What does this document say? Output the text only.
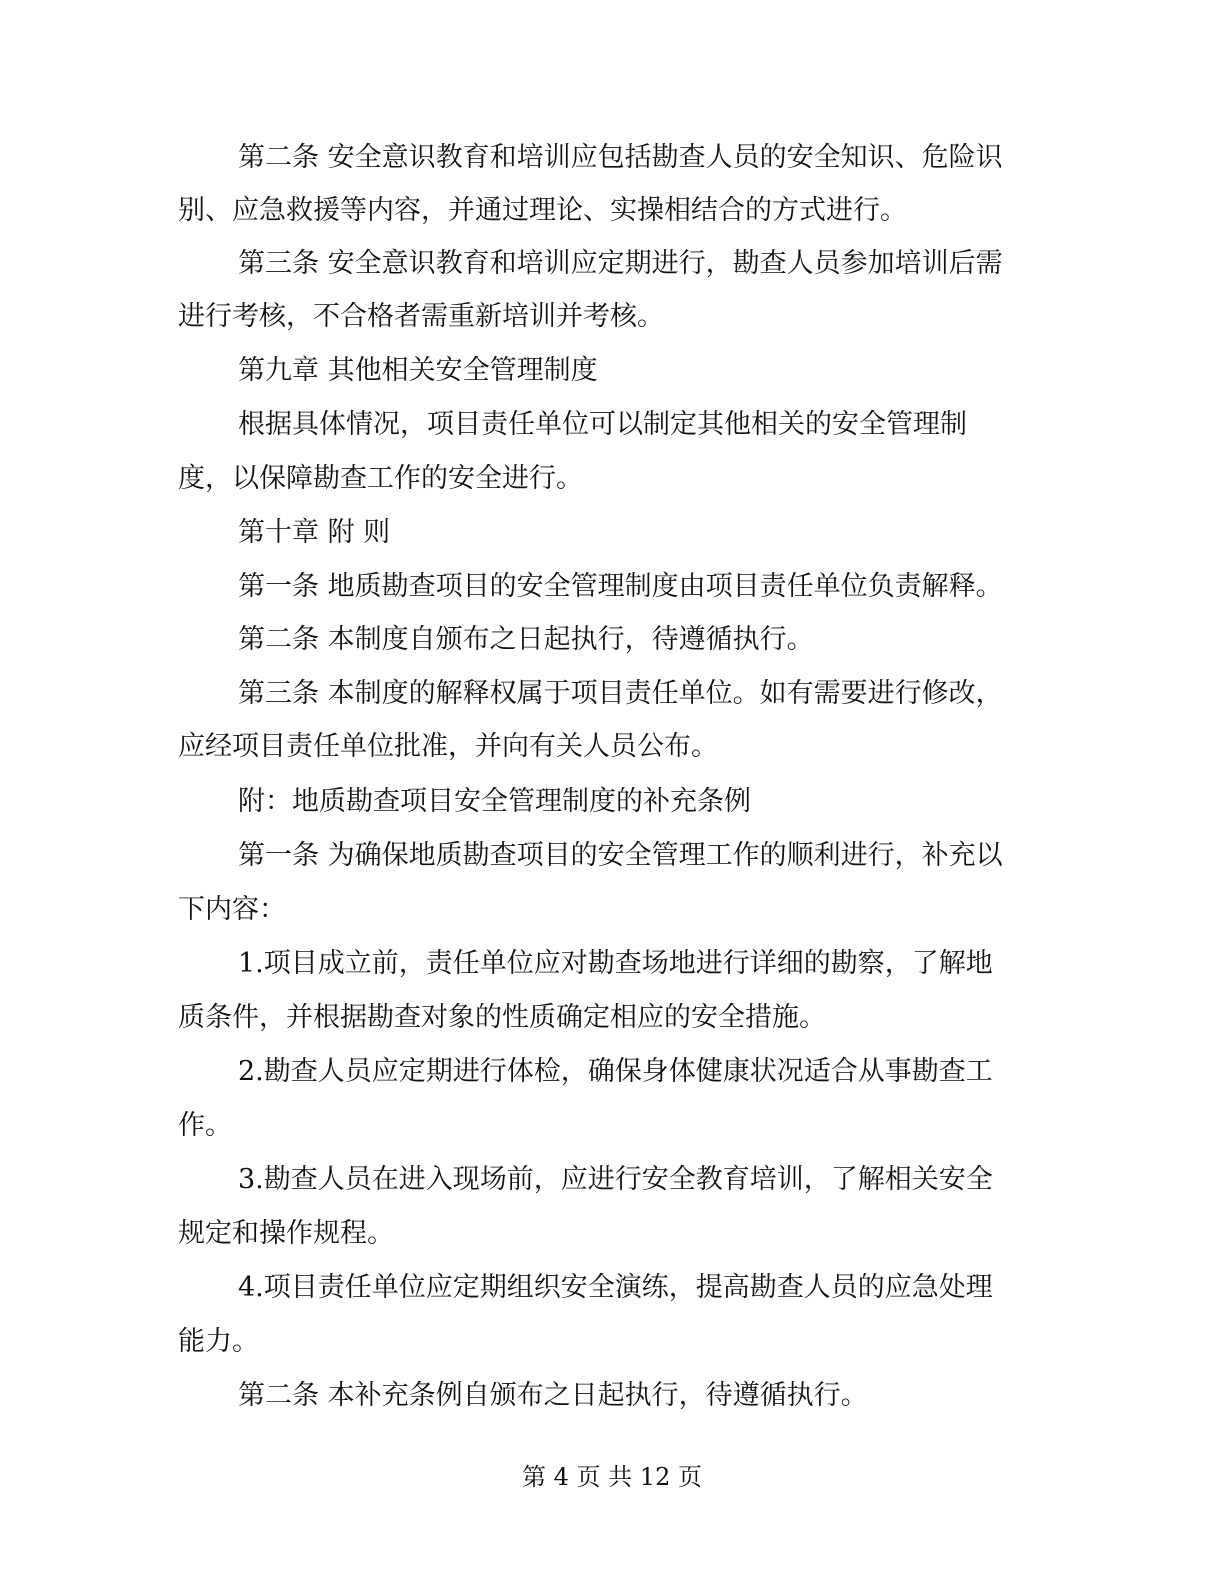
第二条 安全意识教育和培训应包括勘查人员的安全知识、危险识
别、应急救援等内容，并通过理论、实操相结合的方式进行。
第三条 安全意识教育和培训应定期进行，勘查人员参加培训后需
进行考核，不合格者需重新培训并考核。
第九章 其他相关安全管理制度
根据具体情况，项目责任单位可以制定其他相关的安全管理制
度，以保障勘查工作的安全进行。
第十章 附 则
第一条 地质勘查项目的安全管理制度由项目责任单位负责解释。
第二条 本制度自颁布之日起执行，待遵循执行。
第三条 本制度的解释权属于项目责任单位。如有需要进行修改，
应经项目责任单位批准，并向有关人员公布。
附：地质勘查项目安全管理制度的补充条例
第一条 为确保地质勘查项目的安全管理工作的顺利进行，补充以
下内容：
1.项目成立前，责任单位应对勘查场地进行详细的勘察，了解地
质条件，并根据勘查对象的性质确定相应的安全措施。
2.勘查人员应定期进行体检，确保身体健康状况适合从事勘查工
作。
3.勘查人员在进入现场前，应进行安全教育培训，了解相关安全
规定和操作规程。
4.项目责任单位应定期组织安全演练，提高勘查人员的应急处理
能力。
第二条 本补充条例自颁布之日起执行，待遵循执行。
第 4 页 共 12 页
